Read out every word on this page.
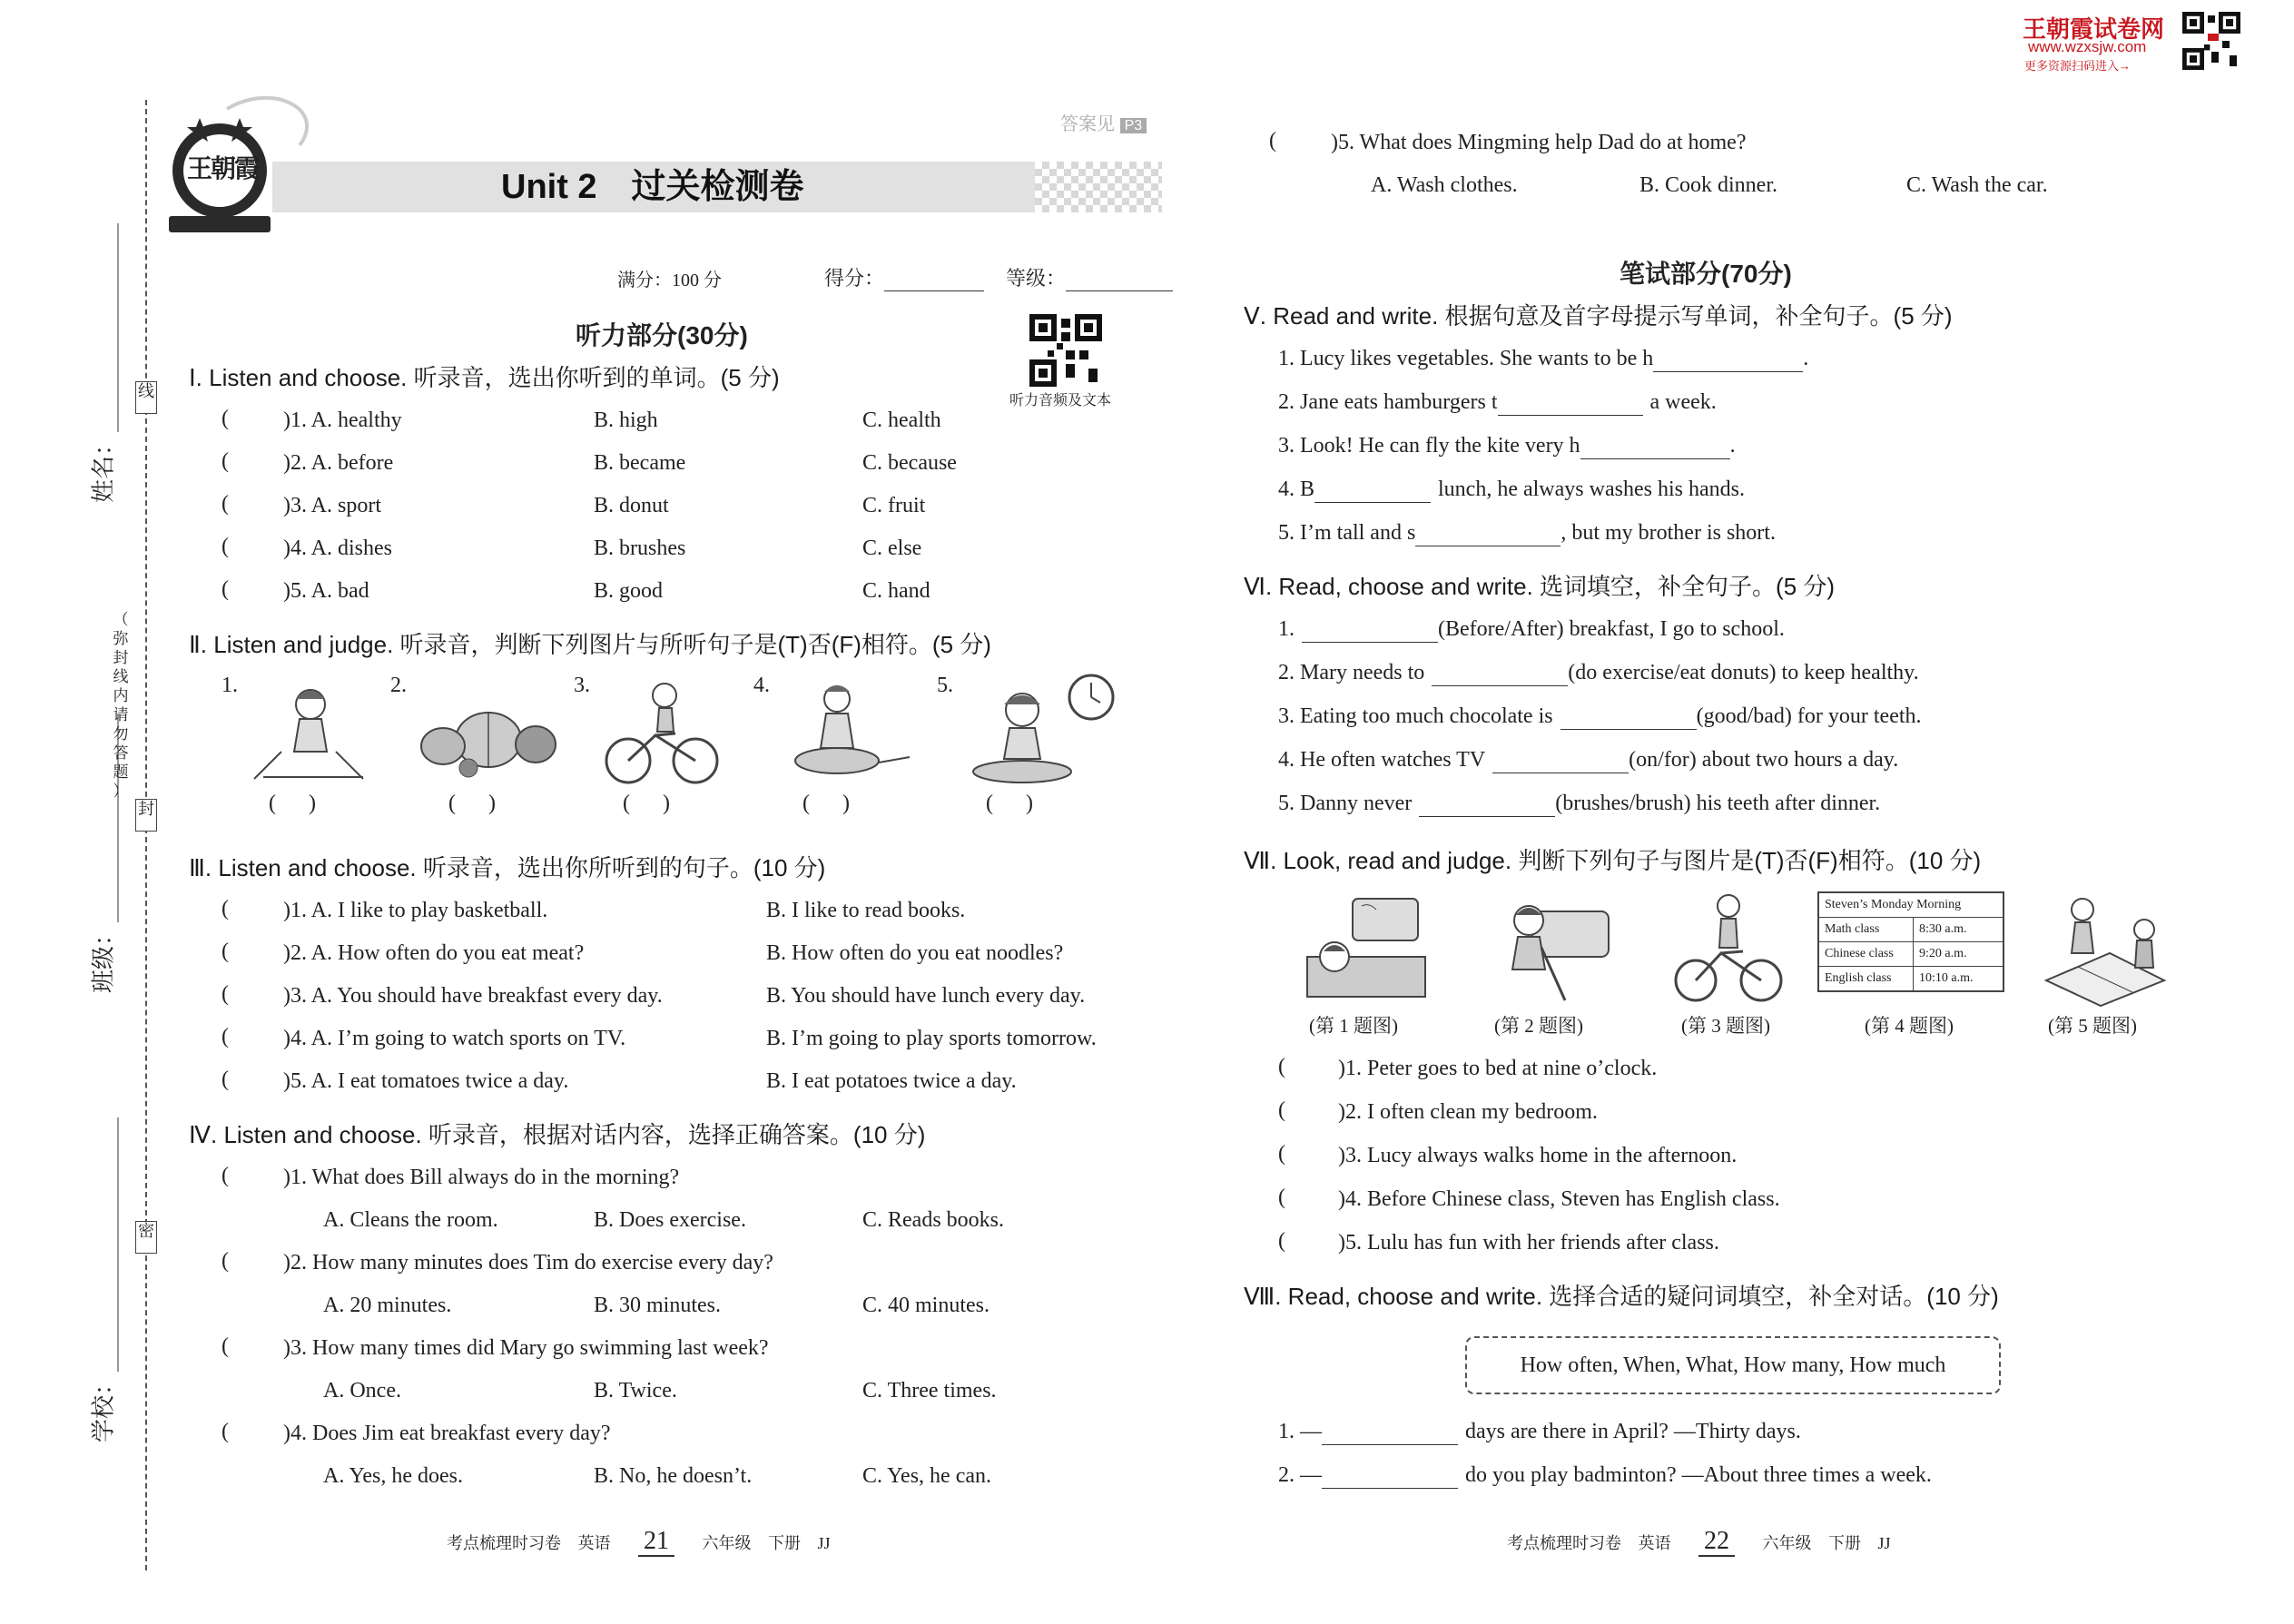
王朝霞试卷网
www.wzxsjw.com
更多资源扫码进入→
线
封
密
（
弥
封
线
内
请
勿
答
题
）
姓名：
班级：
学校：
王朝霞	Unit 2　过关检测卷
答案见 P3
满分：100 分	得分：	等级：
听力音频及文本
听力部分(30分)
Ⅰ. Listen and choose. 听录音，选出你听到的单词。(5 分)
(	)1. A. healthy	B. high	C. health
(	)2. A. before	B. became	C. because
(	)3. A. sport	B. donut	C. fruit
(	)4. A. dishes	B. brushes	C. else
(	)5. A. bad	B. good	C. hand
Ⅱ. Listen and judge. 听录音，判断下列图片与所听句子是(T)否(F)相符。(5 分)
1.
( )
2.
( )
3.
( )
4.
( )
5.
( )
Ⅲ. Listen and choose. 听录音，选出你所听到的句子。(10 分)
(	)1. A. I like to play basketball.	B. I like to read books.
(	)2. A. How often do you eat meat?	B. How often do you eat noodles?
(	)3. A. You should have breakfast every day.	B. You should have lunch every day.
(	)4. A. I’m going to watch sports on TV.	B. I’m going to play sports tomorrow.
(	)5. A. I eat tomatoes twice a day.	B. I eat potatoes twice a day.
Ⅳ. Listen and choose. 听录音，根据对话内容，选择正确答案。(10 分)
(	)1. What does Bill always do in the morning?
A. Cleans the room.	B. Does exercise.	C. Reads books.
(	)2. How many minutes does Tim do exercise every day?
A. 20 minutes.	B. 30 minutes.	C. 40 minutes.
(	)3. How many times did Mary go swimming last week?
A. Once.	B. Twice.	C. Three times.
(	)4. Does Jim eat breakfast every day?
A. Yes, he does.	B. No, he doesn’t.	C. Yes, he can.
考点梳理时习卷 英语 21 六年级 下册 JJ
(	)5. What does Mingming help Dad do at home?
A. Wash clothes.	B. Cook dinner.	C. Wash the car.
笔试部分(70分)
Ⅴ. Read and write. 根据句意及首字母提示写单词，补全句子。(5 分)
1. Lucy likes vegetables. She wants to be h	.
2. Jane eats hamburgers t	a week.
3. Look! He can fly the kite very h	.
4. B	lunch, he always washes his hands.
5. I’m tall and s	, but my brother is short.
Ⅵ. Read, choose and write. 选词填空，补全句子。(5 分)
1.	(Before/After) breakfast, I go to school.
2. Mary needs to	(do exercise/eat donuts) to keep healthy.
3. Eating too much chocolate is	(good/bad) for your teeth.
4. He often watches TV	(on/for) about two hours a day.
5. Danny never	(brushes/brush) his teeth after dinner.
Ⅶ. Look, read and judge. 判断下列句子与图片是(T)否(F)相符。(10 分)
Steven’s Monday Morning
Math class	8:30 a.m.
Chinese class	9:20 a.m.
English class	10:10 a.m.
(第 1 题图)	(第 2 题图)	(第 3 题图)	(第 4 题图)	(第 5 题图)
( )1. Peter goes to bed at nine o’clock.
( )2. I often clean my bedroom.
( )3. Lucy always walks home in the afternoon.
( )4. Before Chinese class, Steven has English class.
( )5. Lulu has fun with her friends after class.
Ⅷ. Read, choose and write. 选择合适的疑问词填空，补全对话。(10 分)
How often, When, What, How many, How much
1. —	days are there in April? —Thirty days.
2. —	do you play badminton? —About three times a week.
考点梳理时习卷 英语 22 六年级 下册 JJ
